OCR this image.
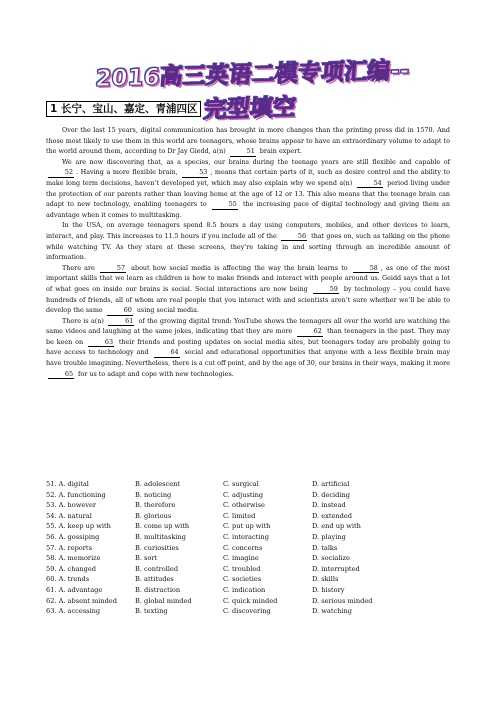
2016高三英语二模专项汇编--完型填空
1 长宁、宝山、嘉定、青浦四区

Over the last 15 years, digital communication has brought in more changes than the printing press did in 1570. And those most likely to use them in this world are teenagers, whose brains appear to have an extraordinary volume to adapt to the world around them, according to Dr Jay Giedd, a(n)	51 brain expert.

We are now discovering that, as a species, our brains during the teenage years are still flexible and capable of 52 . Having a more flexible brain,	53 , means that certain parts of it, such as desire control and the ability to make long term decisions, haven’t developed yet, which may also explain why we spend a(n)	54 period living under the protection of our parents rather than leaving home at the age of 12 or 13. This also means that the teenage brain can adapt to new technology, enabling teenagers to	55 the increasing pace of digital technology and giving them an advantage when it comes to multitasking.

In the USA, on average teenagers spend 8.5 hours a day using computers, mobiles, and other devices to learn, interact, and play. This increases to 11.5 hours if you include all of the	56 that goes on, such as talking on the phone while watching TV. As they stare at these screens, they’re taking in and sorting through an incredible amount of information.

There are	57 about how social media is affecting the way the brain learns to	58 , as one of the most important skills that we learn as children is how to make friends and interact with people around us. Geidd says that a lot of what goes on inside our brains is social. Social interactions are now being	59 by technology – you could have hundreds of friends, all of whom are real people that you interact with and scientists aren’t sure whether we’ll be able to develop the same	60 using social media.

There is a(n)	61 of the growing digital trend: YouTube shows the teenagers all over the world are watching the same videos and laughing at the same jokes, indicating that they are more	62 than teenagers in the past. They may be keen on	63 their friends and posting updates on social media sites, but teenagers today are probably going to have access to technology and	64 social and educational opportunities that anyone with a less flexible brain may have trouble imagining. Nevertheless, there is a cut off point, and by the age of 30, our brains in their ways, making it more 65 for us to adapt and cope with new technologies.

51. A. digital	B. adolescent	C. surgical	D. artificial
52. A. functioning	B. noticing	C. adjusting	D. deciding
53. A. however	B. therefore	C. otherwise	D. instead
54. A. natural	B. glorious	C. limited	D. extended
55. A. keep up with	B. come up with	C. put up with	D. end up with
56. A. gossiping	B. multitasking	C. interacting	D. playing
57. A. reports	B. curiosities	C. concerns	D. talks
58. A. memorize	B. sort	C. imagine	D. socialize
59. A. changed	B. controlled	C. troubled	D. interrupted
60. A. trends	B. attitudes	C. societies	D. skills
61. A. advantage	B. distraction	C. indication	D. history
62. A. absent minded	B. global minded	C. quick minded	D. serious minded
63. A. accessing	B. texting	C. discovering	D. watching
